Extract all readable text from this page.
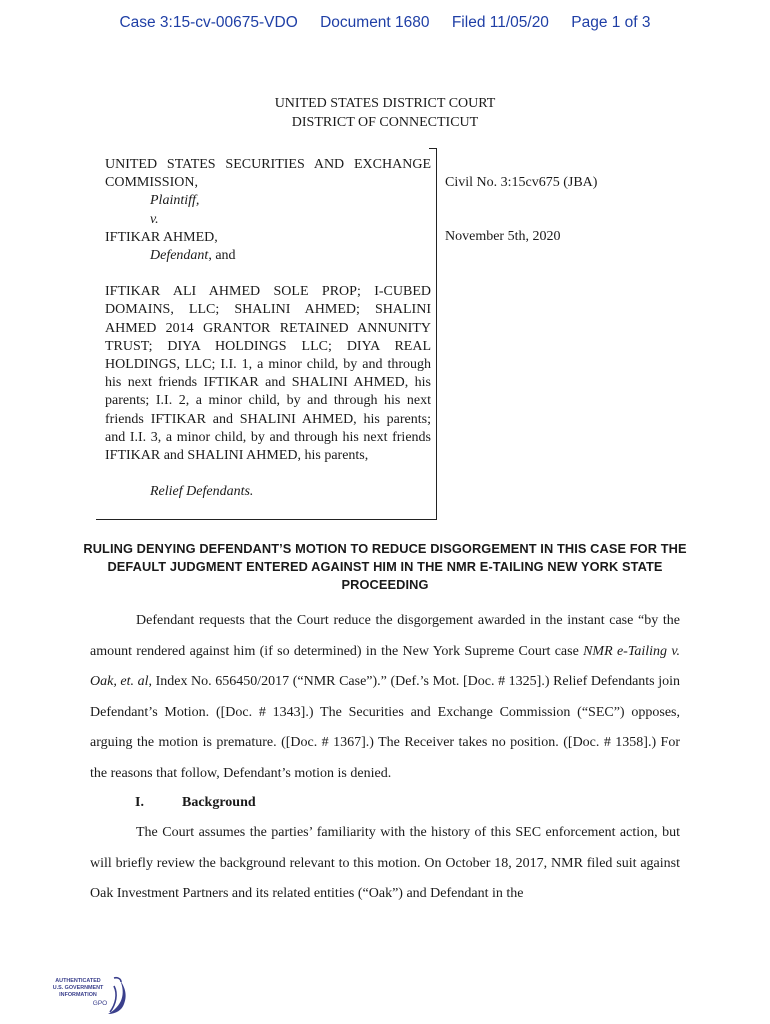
Case 3:15-cv-00675-VDO Document 1680 Filed 11/05/20 Page 1 of 3
UNITED STATES DISTRICT COURT
DISTRICT OF CONNECTICUT
UNITED STATES SECURITIES AND EXCHANGE COMMISSION,
Plaintiff,
v.
IFTIKAR AHMED,
Defendant, and
IFTIKAR ALI AHMED SOLE PROP; I-CUBED DOMAINS, LLC; SHALINI AHMED; SHALINI AHMED 2014 GRANTOR RETAINED ANNUNITY TRUST; DIYA HOLDINGS LLC; DIYA REAL HOLDINGS, LLC; I.I. 1, a minor child, by and through his next friends IFTIKAR and SHALINI AHMED, his parents; I.I. 2, a minor child, by and through his next friends IFTIKAR and SHALINI AHMED, his parents; and I.I. 3, a minor child, by and through his next friends IFTIKAR and SHALINI AHMED, his parents,
Relief Defendants.
Civil No. 3:15cv675 (JBA)
November 5th, 2020
RULING DENYING DEFENDANT’S MOTION TO REDUCE DISGORGEMENT IN THIS CASE FOR THE DEFAULT JUDGMENT ENTERED AGAINST HIM IN THE NMR E-TAILING NEW YORK STATE PROCEEDING

Defendant requests that the Court reduce the disgorgement awarded in the instant case “by the amount rendered against him (if so determined) in the New York Supreme Court case NMR e-Tailing v. Oak, et. al, Index No. 656450/2017 (“NMR Case”).” (Def.’s Mot. [Doc. # 1325].) Relief Defendants join Defendant’s Motion. ([Doc. # 1343].) The Securities and Exchange Commission (“SEC”) opposes, arguing the motion is premature. ([Doc. # 1367].) The Receiver takes no position. ([Doc. # 1358].) For the reasons that follow, Defendant’s motion is denied.

I.	Background

The Court assumes the parties’ familiarity with the history of this SEC enforcement action, but will briefly review the background relevant to this motion. On October 18, 2017, NMR filed suit against Oak Investment Partners and its related entities (“Oak”) and Defendant in the

AUTHENTICATED
U.S. GOVERNMENT
INFORMATION
GPO
